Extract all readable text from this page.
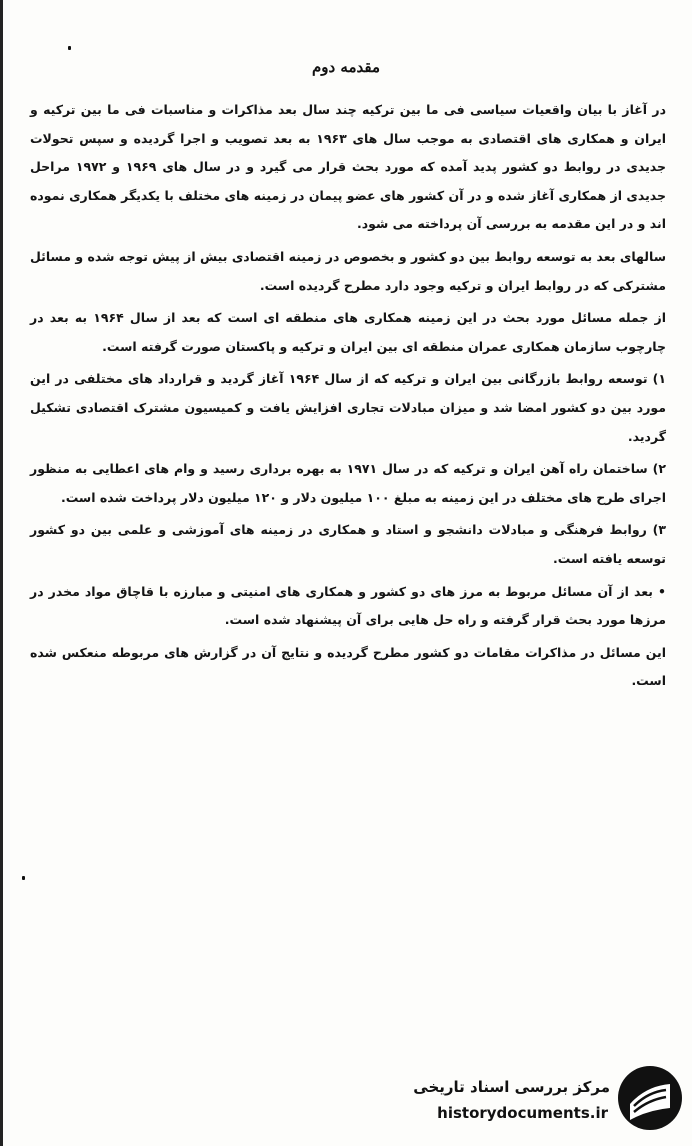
مقدمه دوم

در آغاز با بیان واقعیات سیاسی فی ما بین ترکیه چند سال بعد مذاکرات و مناسبات فی ما بین ترکیه و ایران و همکاری های اقتصادی به موجب سال های ۱۹۶۳ به بعد تصویب و اجرا گردیده و سپس تحولات جدیدی در روابط دو کشور پدید آمده که مورد بحث قرار می گیرد و در سال های ۱۹۶۹ و ۱۹۷۲ مراحل جدیدی از همکاری آغاز شده و در آن کشور های عضو پیمان در زمینه های مختلف با یکدیگر همکاری نموده اند و در این مقدمه به بررسی آن پرداخته می شود.

سالهای بعد به توسعه روابط بین دو کشور و بخصوص در زمینه اقتصادی بیش از پیش توجه شده و مسائل مشترکی که در روابط ایران و ترکیه وجود دارد مطرح گردیده است.

از جمله مسائل مورد بحث در این زمینه همکاری های منطقه ای است که بعد از سال ۱۹۶۴ به بعد در چارچوب سازمان همکاری عمران منطقه ای بین ایران و ترکیه و پاکستان صورت گرفته است.

۱) توسعه روابط بازرگانی بین ایران و ترکیه که از سال ۱۹۶۴ آغاز گردید و قرارداد های مختلفی در این مورد بین دو کشور امضا شد و میزان مبادلات تجاری افزایش یافت و کمیسیون مشترک اقتصادی تشکیل گردید.

۲) ساختمان راه آهن ایران و ترکیه که در سال ۱۹۷۱ به بهره برداری رسید و وام های اعطایی به منظور اجرای طرح های مختلف در این زمینه به مبلغ ۱۰۰ میلیون دلار و ۱۲۰ میلیون دلار پرداخت شده است.

۳) روابط فرهنگی و مبادلات دانشجو و استاد و همکاری در زمینه های آموزشی و علمی بین دو کشور توسعه یافته است.

• بعد از آن مسائل مربوط به مرز های دو کشور و همکاری های امنیتی و مبارزه با قاچاق مواد مخدر در مرزها مورد بحث قرار گرفته و راه حل هایی برای آن پیشنهاد شده است.

این مسائل در مذاکرات مقامات دو کشور مطرح گردیده و نتایج آن در گزارش های مربوطه منعکس شده است.

مرکز بررسی اسناد تاریخی
historydocuments.ir
